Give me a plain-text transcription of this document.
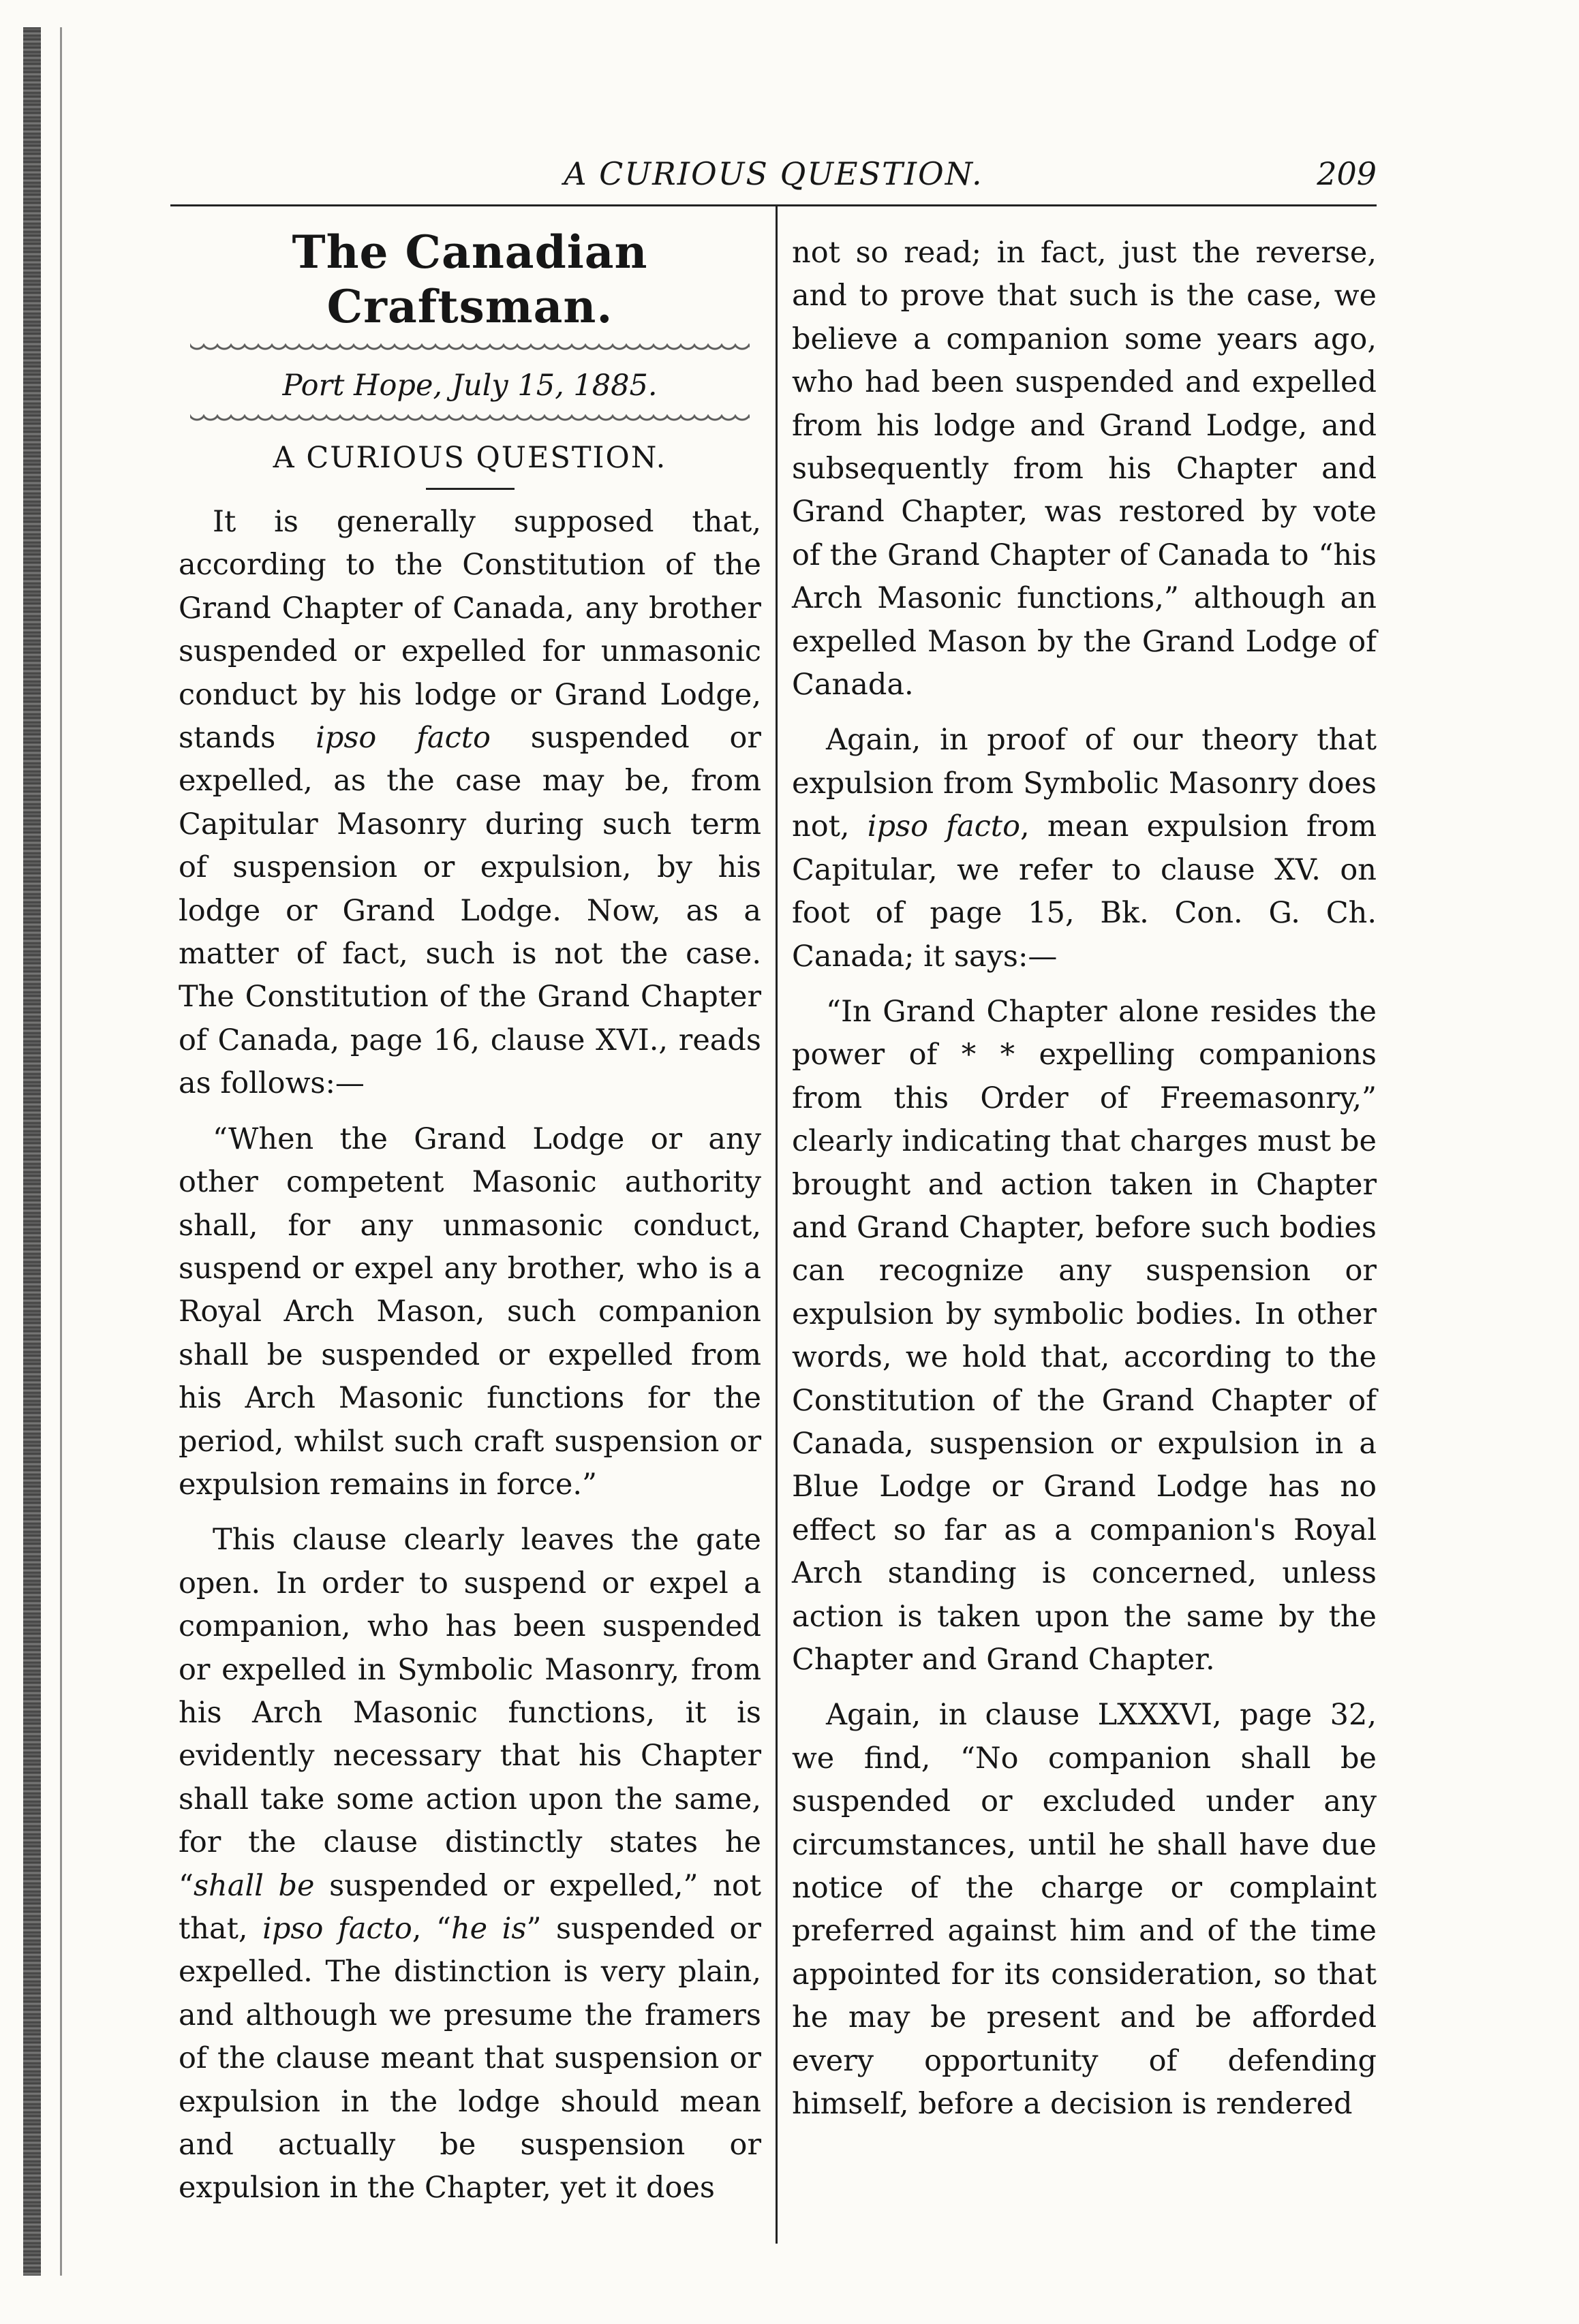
A CURIOUS QUESTION.	209
The Canadian Craftsman.
Port Hope, July 15, 1885.
A CURIOUS QUESTION.

It is generally supposed that, according to the Constitution of the Grand Chapter of Canada, any brother suspended or expelled for unmasonic conduct by his lodge or Grand Lodge, stands ipso facto suspended or expelled, as the case may be, from Capitular Masonry during such term of suspension or expulsion, by his lodge or Grand Lodge. Now, as a matter of fact, such is not the case. The Constitution of the Grand Chapter of Canada, page 16, clause XVI., reads as follows:—

“When the Grand Lodge or any other competent Masonic authority shall, for any unmasonic conduct, suspend or expel any brother, who is a Royal Arch Mason, such companion shall be suspended or expelled from his Arch Masonic functions for the period, whilst such craft suspension or expulsion remains in force.”

This clause clearly leaves the gate open. In order to suspend or expel a companion, who has been suspended or expelled in Symbolic Masonry, from his Arch Masonic functions, it is evidently necessary that his Chapter shall take some action upon the same, for the clause distinctly states he “shall be suspended or expelled,” not that, ipso facto, “he is” suspended or expelled. The distinction is very plain, and although we presume the framers of the clause meant that suspension or expulsion in the lodge should mean and actually be suspension or expulsion in the Chapter, yet it does

not so read; in fact, just the reverse, and to prove that such is the case, we believe a companion some years ago, who had been suspended and expelled from his lodge and Grand Lodge, and subsequently from his Chapter and Grand Chapter, was restored by vote of the Grand Chapter of Canada to “his Arch Masonic functions,” although an expelled Mason by the Grand Lodge of Canada.

Again, in proof of our theory that expulsion from Symbolic Masonry does not, ipso facto, mean expulsion from Capitular, we refer to clause XV. on foot of page 15, Bk. Con. G. Ch. Canada; it says:—

“In Grand Chapter alone resides the power of * * expelling companions from this Order of Freemasonry,” clearly indicating that charges must be brought and action taken in Chapter and Grand Chapter, before such bodies can recognize any suspension or expulsion by symbolic bodies. In other words, we hold that, according to the Constitution of the Grand Chapter of Canada, suspension or expulsion in a Blue Lodge or Grand Lodge has no effect so far as a companion's Royal Arch standing is concerned, unless action is taken upon the same by the Chapter and Grand Chapter.

Again, in clause LXXXVI, page 32, we find, “No companion shall be suspended or excluded under any circumstances, until he shall have due notice of the charge or complaint preferred against him and of the time appointed for its consideration, so that he may be present and be afforded every opportunity of defending himself, before a decision is rendered
